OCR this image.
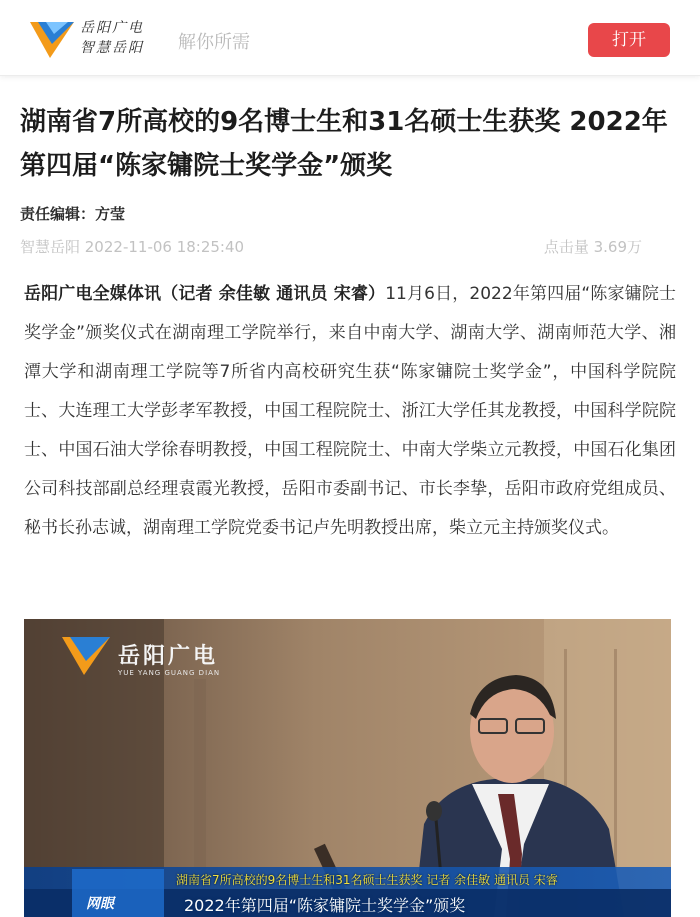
岳阳广电
智慧岳阳	解你所需	打开
湖南省7所高校的9名博士生和31名硕士生获奖 2022年第四届“陈家镛院士奖学金”颁奖
责任编辑：方莹
智慧岳阳 2022-11-06 18:25:40	点击量 3.69万
岳阳广电全媒体讯（记者 余佳敏 通讯员 宋睿）11月6日，2022年第四届“陈家镛院士奖学金”颁奖仪式在湖南理工学院举行，来自中南大学、湖南大学、湖南师范大学、湘潭大学和湖南理工学院等7所省内高校研究生获“陈家镛院士奖学金”，中国科学院院士、大连理工大学彭孝军教授，中国工程院院士、浙江大学任其龙教授，中国科学院院士、中国石油大学徐春明教授，中国工程院院士、中南大学柴立元教授，中国石化集团公司科技部副总经理袁霞光教授，岳阳市委副书记、市长李挚，岳阳市政府党组成员、秘书长孙志诚，湖南理工学院党委书记卢先明教授出席，柴立元主持颁奖仪式。
岳阳广电
YUE YANG GUANG DIAN
网眼
湖南省7所高校的9名博士生和31名硕士生获奖 记者 余佳敏 通讯员 宋睿
2022年第四届“陈家镛院士奖学金”颁奖
